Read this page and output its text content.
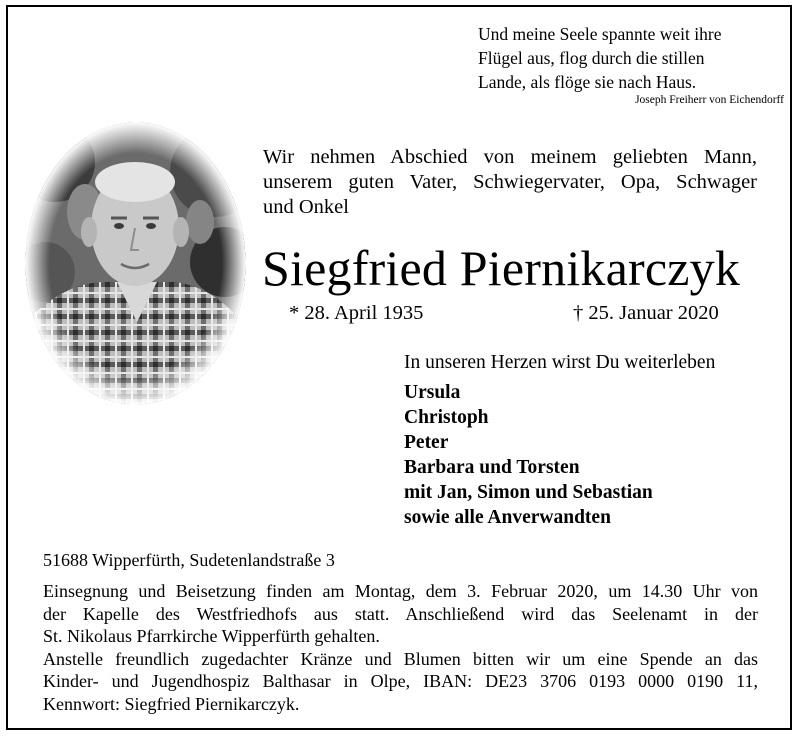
Und meine Seele spannte weit ihre
Flügel aus, flog durch die stillen
Lande, als flöge sie nach Haus.
Joseph Freiherr von Eichendorff
Wir nehmen Abschied von meinem geliebten Mann,
unserem guten Vater, Schwiegervater, Opa, Schwager
und Onkel
Siegfried Piernikarczyk
* 28. April 1935	† 25. Januar 2020
In unseren Herzen wirst Du weiterleben
Ursula
Christoph
Peter
Barbara und Torsten
mit Jan, Simon und Sebastian
sowie alle Anverwandten
51688 Wipperfürth, Sudetenlandstraße 3
Einsegnung und Beisetzung finden am Montag, dem 3. Februar 2020, um 14.30 Uhr von
der Kapelle des Westfriedhofs aus statt. Anschließend wird das Seelenamt in der
St. Nikolaus Pfarrkirche Wipperfürth gehalten.
Anstelle freundlich zugedachter Kränze und Blumen bitten wir um eine Spende an das
Kinder- und Jugendhospiz Balthasar in Olpe, IBAN: DE23 3706 0193 0000 0190 11,
Kennwort: Siegfried Piernikarczyk.
